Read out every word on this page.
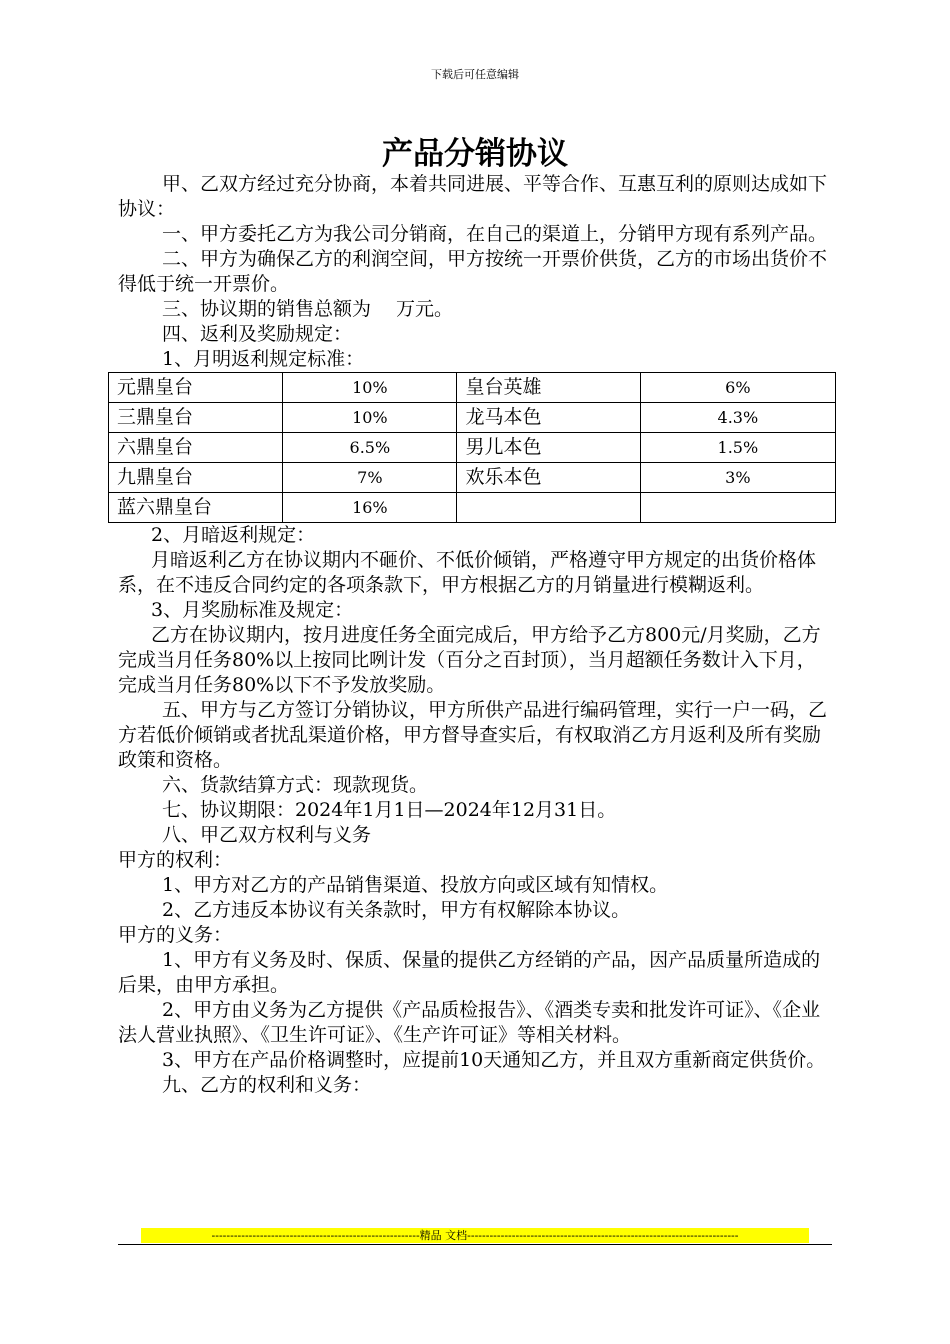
下载后可任意编辑
产品分销协议

甲、乙双方经过充分协商，本着共同进展、平等合作、互惠互利的原则达成如下协议：

一、甲方委托乙方为我公司分销商，在自己的渠道上，分销甲方现有系列产品。

二、甲方为确保乙方的利润空间，甲方按统一开票价供货，乙方的市场出货价不得低于统一开票价。

三、协议期的销售总额为　 万元。

四、返利及奖励规定：

1、月明返利规定标准：

元鼎皇台	10%	皇台英雄	6%
三鼎皇台	10%	龙马本色	4.3%
六鼎皇台	6.5%	男儿本色	1.5%
九鼎皇台	7%	欢乐本色	3%
蓝六鼎皇台	16%		

2、月暗返利规定：

月暗返利乙方在协议期内不砸价、不低价倾销，严格遵守甲方规定的出货价格体系，在不违反合同约定的各项条款下，甲方根据乙方的月销量进行模糊返利。

3、月奖励标准及规定：

乙方在协议期内，按月进度任务全面完成后，甲方给予乙方800元/月奖励，乙方完成当月任务80%以上按同比咧计发（百分之百封顶），当月超额任务数计入下月，完成当月任务80%以下不予发放奖励。

五、甲方与乙方签订分销协议，甲方所供产品进行编码管理，实行一户一码，乙方若低价倾销或者扰乱渠道价格，甲方督导查实后，有权取消乙方月返利及所有奖励政策和资格。

六、货款结算方式：现款现货。

七、协议期限：2024年1月1日—2024年12月31日。

八、甲乙双方权利与义务

甲方的权利：

1、甲方对乙方的产品销售渠道、投放方向或区域有知情权。

2、乙方违反本协议有关条款时，甲方有权解除本协议。

甲方的义务：

1、甲方有义务及时、保质、保量的提供乙方经销的产品，因产品质量所造成的后果，由甲方承担。

2、甲方由义务为乙方提供《产品质检报告》、《酒类专卖和批发许可证》、《企业法人营业执照》、《卫生许可证》、《生产许可证》等相关材料。

3、甲方在产品价格调整时，应提前10天通知乙方，并且双方重新商定供货价。

九、乙方的权利和义务：

--------------------------------------------------------精品 文档-------------------------------------------------------------------------
